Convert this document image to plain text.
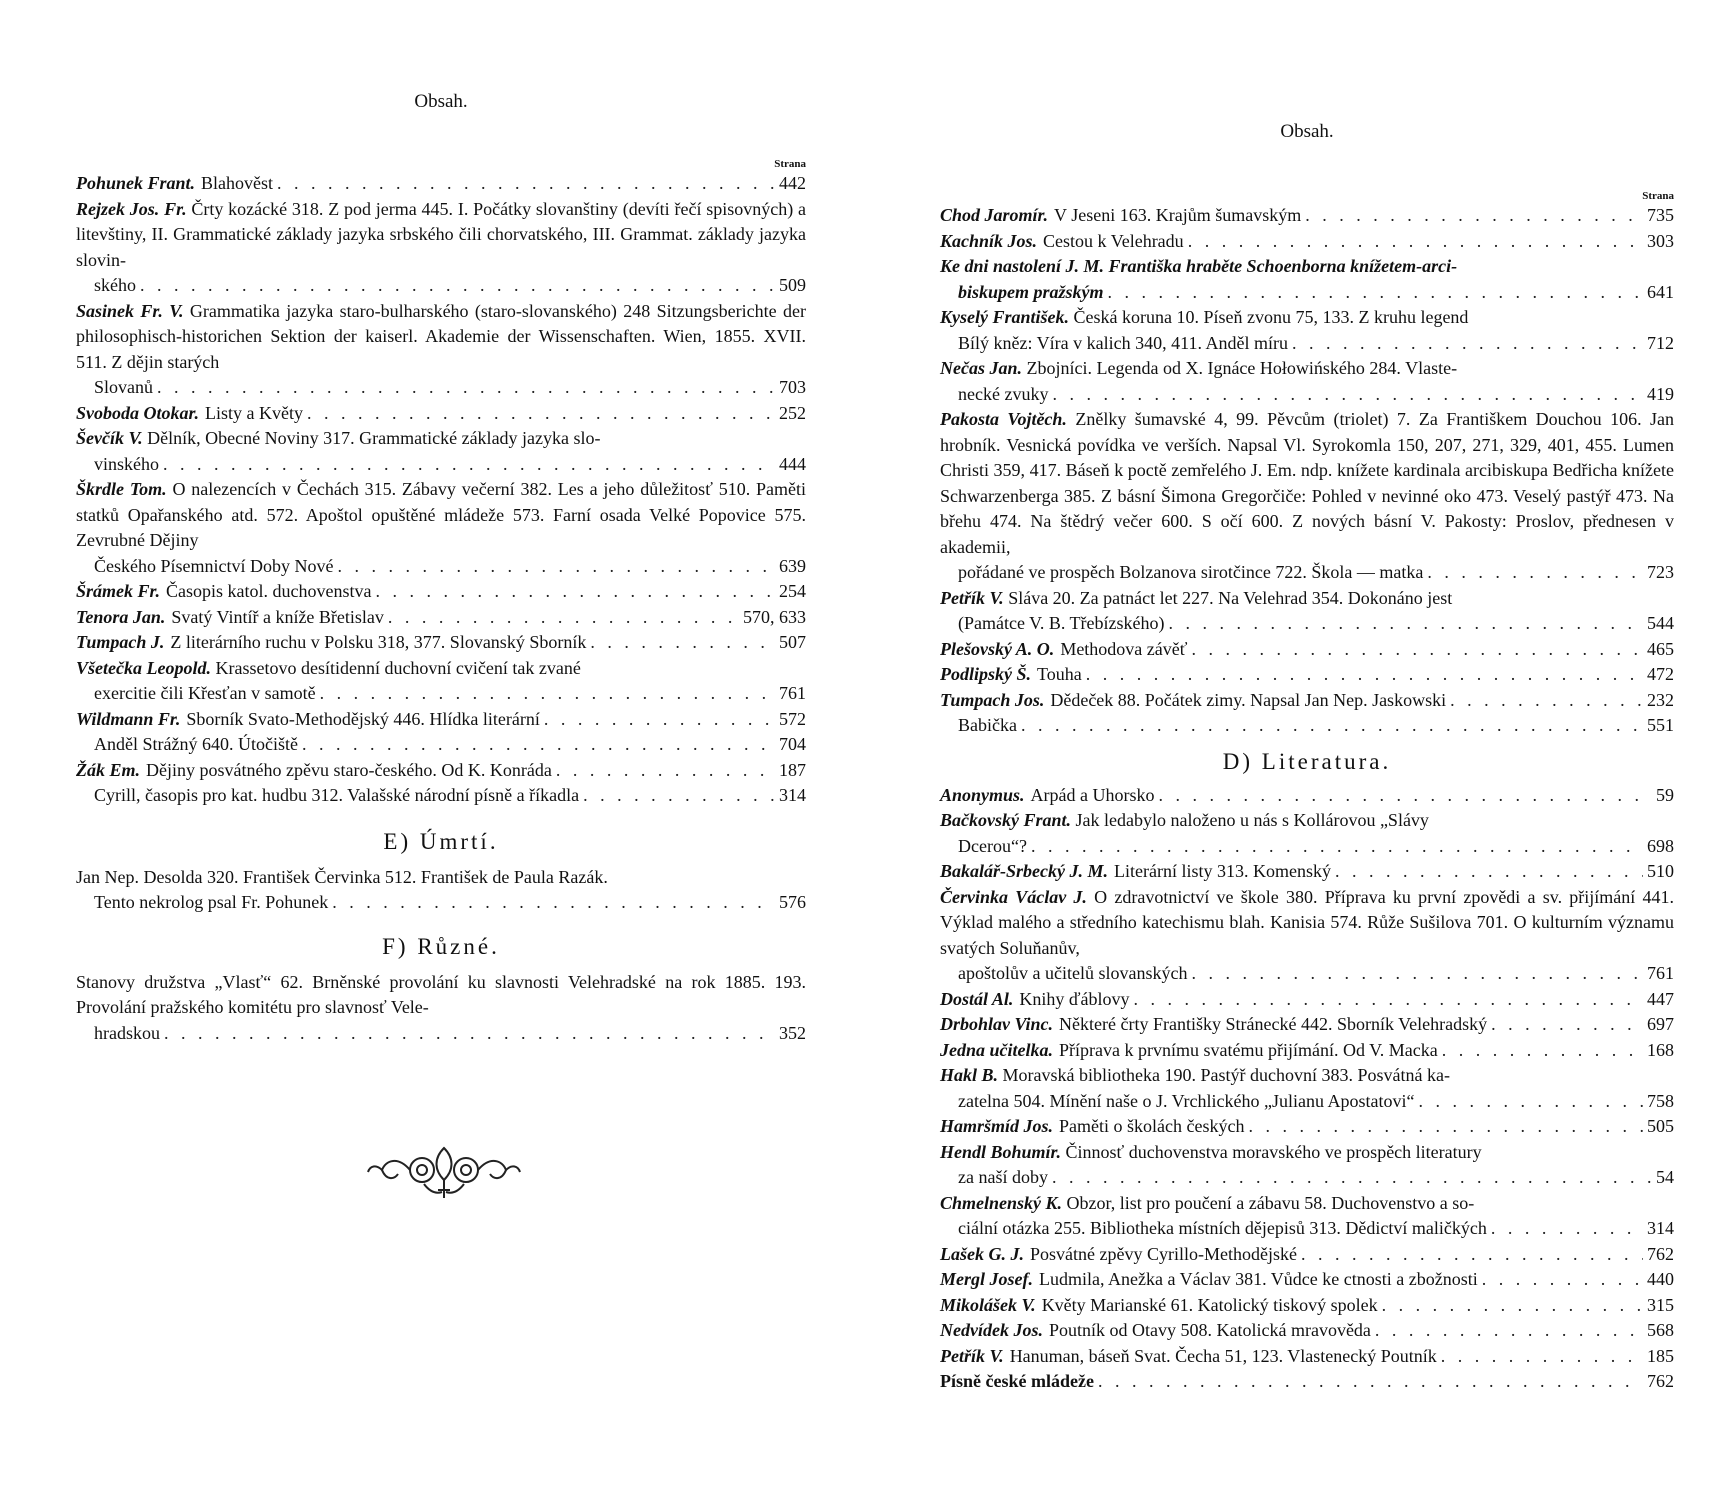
Obsah.

Strana

Pohunek Frant. Blahověst . . .	442
Rejzek Jos. Fr. Črty kozácké 318. Z pod jerma 445. I. Počátky slovanštiny (devíti řečí spisovných) a litevštiny, II. Grammatické základy jazyka srbského čili chorvatského, III. Grammat. základy jazyka slovin-
ského . . .	509
Sasinek Fr. V. Grammatika jazyka staro-bulharského (staro-slovanského) 248 Sitzungsberichte der philosophisch-historichen Sektion der kaiserl. Akademie der Wissenschaften. Wien, 1855. XVII. 511. Z dějin starých
Slovanů . . .	703
Svoboda Otokar. Listy a Květy . . .	252
Ševčík V. Dělník, Obecné Noviny 317. Grammatické základy jazyka slo-
vinského . . .	444
Škrdle Tom. O nalezencích v Čechách 315. Zábavy večerní 382. Les a jeho důležitosť 510. Paměti statků Opařanského atd. 572. Apoštol opuštěné mládeže 573. Farní osada Velké Popovice 575. Zevrubné Dějiny
Českého Písemnictví Doby Nové . . .	639
Šrámek Fr. Časopis katol. duchovenstva . . .	254
Tenora Jan. Svatý Vintíř a kníže Břetislav . . .	570, 633
Tumpach J. Z literárního ruchu v Polsku 318, 377. Slovanský Sborník . . .	507
Všetečka Leopold. Krassetovo desítidenní duchovní cvičení tak zvané
exercitie čili Křesťan v samotě . . .	761
Wildmann Fr. Sborník Svato-Methodějský 446. Hlídka literární . . .	572
Anděl Strážný 640. Útočiště . . .	704
Žák Em. Dějiny posvátného zpěvu staro-českého. Od K. Konráda . . .	187
Cyrill, časopis pro kat. hudbu 312. Valašské národní písně a říkadla . . .	314

E) Úmrtí.

Jan Nep. Desolda 320. František Červinka 512. František de Paula Razák.
Tento nekrolog psal Fr. Pohunek . . .	576

F) Různé.

Stanovy družstva „Vlasť“ 62. Brněnské provolání ku slavnosti Velehradské na rok 1885. 193. Provolání pražského komitétu pro slavnosť Vele-
hradskou . . .	352

Obsah.

Strana

Chod Jaromír. V Jeseni 163. Krajům šumavským . . .	735
Kachník Jos. Cestou k Velehradu . . .	303
Ke dni nastolení J. M. Františka hraběte Schoenborna knížetem-arci-
biskupem pražským . . .	641
Kyselý František. Česká koruna 10. Píseň zvonu 75, 133. Z kruhu legend
Bílý kněz: Víra v kalich 340, 411. Anděl míru . . .	712
Nečas Jan. Zbojníci. Legenda od X. Ignáce Hołowińského 284. Vlaste-
necké zvuky . . .	419
Pakosta Vojtěch. Znělky šumavské 4, 99. Pěvcům (triolet) 7. Za Františkem Douchou 106. Jan hrobník. Vesnická povídka ve verších. Napsal Vl. Syrokomla 150, 207, 271, 329, 401, 455. Lumen Christi 359, 417. Báseň k poctě zemřelého J. Em. ndp. knížete kardinala arcibiskupa Bedřicha knížete Schwarzenberga 385. Z básní Šimona Gregorčiče: Pohled v nevinné oko 473. Veselý pastýř 473. Na břehu 474. Na štědrý večer 600. S očí 600. Z nových básní V. Pakosty: Proslov, přednesen v akademii,
pořádané ve prospěch Bolzanova sirotčince 722. Škola — matka . . .	723
Petřík V. Sláva 20. Za patnáct let 227. Na Velehrad 354. Dokonáno jest
(Památce V. B. Třebízského) . . .	544
Plešovský A. O. Methodova závěť . . .	465
Podlipský Š. Touha . . .	472
Tumpach Jos. Dědeček 88. Počátek zimy. Napsal Jan Nep. Jaskowski . . .	232
Babička . . .	551

D) Literatura.

Anonymus. Arpád a Uhorsko . . .	59
Bačkovský Frant. Jak ledabylo naloženo u nás s Kollárovou „Slávy
Dcerou“? . . .	698
Bakalář-Srbecký J. M. Literární listy 313. Komenský . . .	510
Červinka Václav J. O zdravotnictví ve škole 380. Příprava ku první zpovědi a sv. přijímání 441. Výklad malého a středního katechismu blah. Kanisia 574. Růže Sušilova 701. O kulturním významu svatých Soluňanův,
apoštolův a učitelů slovanských . . .	761
Dostál Al. Knihy ďáblovy . . .	447
Drbohlav Vinc. Některé črty Františky Stránecké 442. Sborník Velehradský . . .	697
Jedna učitelka. Příprava k prvnímu svatému přijímání. Od V. Macka . . .	168
Hakl B. Moravská bibliotheka 190. Pastýř duchovní 383. Posvátná ka-
zatelna 504. Mínění naše o J. Vrchlického „Julianu Apostatovi“ . . .	758
Hamršmíd Jos. Paměti o školách českých . . .	505
Hendl Bohumír. Činnosť duchovenstva moravského ve prospěch literatury
za naší doby . . .	54
Chmelnenský K. Obzor, list pro poučení a zábavu 58. Duchovenstvo a so-
ciální otázka 255. Bibliotheka místních dějepisů 313. Dědictví maličkých . . .	314
Lašek G. J. Posvátné zpěvy Cyrillo-Methodějské . . .	762
Mergl Josef. Ludmila, Anežka a Václav 381. Vůdce ke ctnosti a zbožnosti . . .	440
Mikolášek V. Květy Marianské 61. Katolický tiskový spolek . . .	315
Nedvídek Jos. Poutník od Otavy 508. Katolická mravověda . . .	568
Petřík V. Hanuman, báseň Svat. Čecha 51, 123. Vlastenecký Poutník . . .	185
Písně české mládeže . . .	762
